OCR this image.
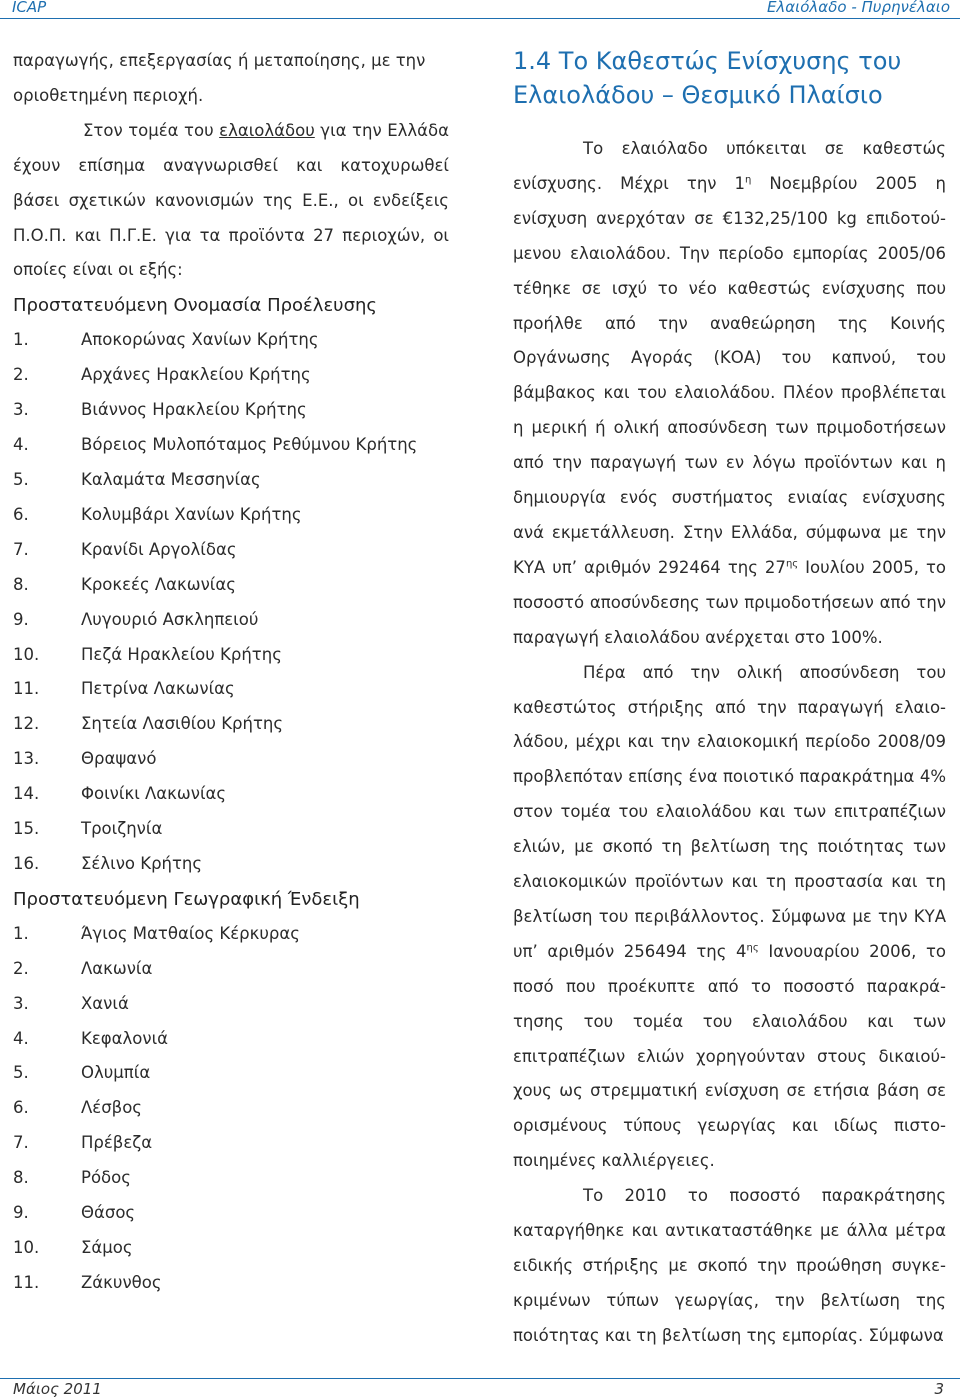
ICAP	Ελαιόλαδο - Πυρηνέλαιο

παραγωγής, επεξεργασίας ή μεταποίησης, με την

οριοθετημένη περιοχή.

Στον τομέα του ελαιολάδου για την Ελλάδα έχουν επίσημα αναγνωρισθεί και κατοχυρωθεί βάσει σχετικών κανονισμών της Ε.Ε., οι ενδείξεις Π.Ο.Π. και Π.Γ.Ε. για τα προϊόντα 27 περιοχών, οι οποίες είναι οι εξής:

Προστατευόμενη Ονομασία Προέλευσης

1.	Αποκορώνας Χανίων Κρήτης
2.	Αρχάνες Ηρακλείου Κρήτης
3.	Βιάννος Ηρακλείου Κρήτης
4.	Βόρειος Μυλοπόταμος Ρεθύμνου Κρήτης
5.	Καλαμάτα Μεσσηνίας
6.	Κολυμβάρι Χανίων Κρήτης
7.	Κρανίδι Αργολίδας
8.	Κροκεές Λακωνίας
9.	Λυγουριό Ασκληπειού
10.	Πεζά Ηρακλείου Κρήτης
11.	Πετρίνα Λακωνίας
12.	Σητεία Λασιθίου Κρήτης
13.	Θραψανό
14.	Φοινίκι Λακωνίας
15.	Τροιζηνία
16.	Σέλινο Κρήτης

Προστατευόμενη Γεωγραφική Ένδειξη

1.	Άγιος Ματθαίος Κέρκυρας
2.	Λακωνία
3.	Χανιά
4.	Κεφαλονιά
5.	Ολυμπία
6.	Λέσβος
7.	Πρέβεζα
8.	Ρόδος
9.	Θάσος
10.	Σάμος
11.	Ζάκυνθος
1.4 Το Καθεστώς Ενίσχυσης του
Ελαιολάδου – Θεσμικό Πλαίσιο

Το ελαιόλαδο υπόκειται σε καθεστώς ενίσχυσης. Μέχρι την $1^\eta$ Νοεμβρίου 2005 η ενίσχυση ανερχόταν σε €132,25/100 kg επιδοτού-μενου ελαιολάδου. Την περίοδο εμπορίας 2005/06 τέθηκε σε ισχύ το νέο καθεστώς ενίσχυσης που προήλθε από την αναθεώρηση της Κοινής Οργάνωσης Αγοράς (ΚΟΑ) του καπνού, του βάμβακος και του ελαιολάδου. Πλέον προβλέπεται η μερική ή ολική αποσύνδεση των πριμοδοτήσεων από την παραγωγή των εν λόγω προϊόντων και η δημιουργία ενός συστήματος ενιαίας ενίσχυσης ανά εκμετάλλευση. Στην Ελλάδα, σύμφωνα με την ΚΥΑ υπ’ αριθμόν 292464 της $27^{\eta\varsigma}$ Ιουλίου 2005, το ποσοστό αποσύνδεσης των πριμοδοτήσεων από την παραγωγή ελαιολάδου ανέρχεται στο 100%.

Πέρα από την ολική αποσύνδεση του καθεστώτος στήριξης από την παραγωγή ελαιο-λάδου, μέχρι και την ελαιοκομική περίοδο 2008/09 προβλεπόταν επίσης ένα ποιοτικό παρακράτημα 4% στον τομέα του ελαιολάδου και των επιτραπέζιων ελιών, με σκοπό τη βελτίωση της ποιότητας των ελαιοκομικών προϊόντων και τη προστασία και τη βελτίωση του περιβάλλοντος. Σύμφωνα με την ΚΥΑ υπ’ αριθμόν 256494 της $4^{\eta\varsigma}$ Ιανουαρίου 2006, το ποσό που προέκυπτε από το ποσοστό παρακρά-τησης του τομέα του ελαιολάδου και των επιτραπέζιων ελιών χορηγούνταν στους δικαιού-χους ως στρεμματική ενίσχυση σε ετήσια βάση σε ορισμένους τύπους γεωργίας και ιδίως πιστο-ποιημένες καλλιέργειες.

Το 2010 το ποσοστό παρακράτησης καταργήθηκε και αντικαταστάθηκε με άλλα μέτρα ειδικής στήριξης με σκοπό την προώθηση συγκε-κριμένων τύπων γεωργίας, την βελτίωση της ποιότητας και τη βελτίωση της εμπορίας. Σύμφωνα

Μάιος 2011	3
